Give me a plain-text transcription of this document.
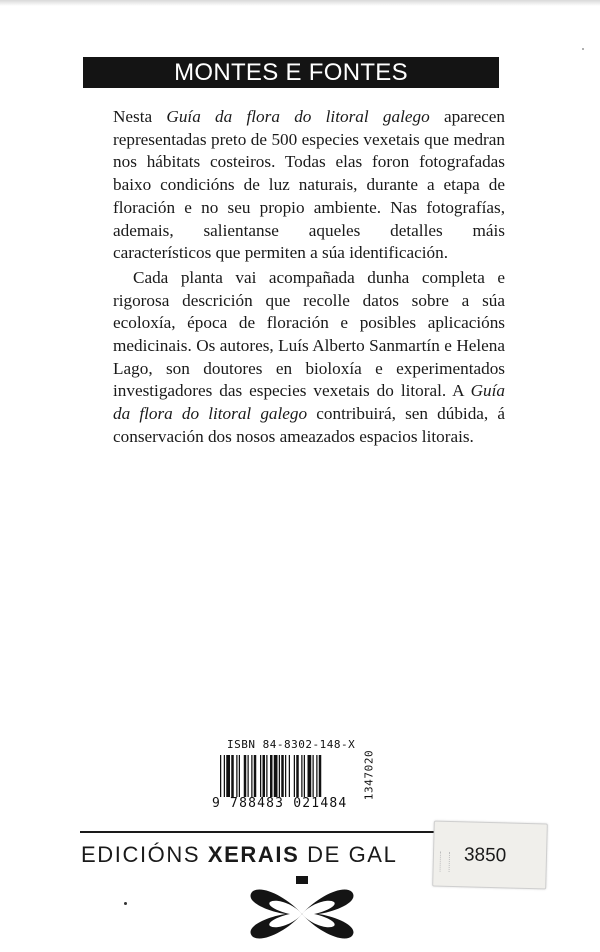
MONTES E FONTES

Nesta Guía da flora do litoral galego aparecen representadas preto de 500 especies vexetais que medran nos hábitats costeiros. Todas elas foron fotografadas baixo condicións de luz naturais, durante a etapa de floración e no seu propio ambiente. Nas fotografías, ademais, salientanse aqueles detalles máis característicos que permiten a súa identificación.

Cada planta vai acompañada dunha completa e rigorosa descrición que recolle datos sobre a súa ecoloxía, época de floración e posibles aplicacións medicinais. Os autores, Luís Alberto Sanmartín e Helena Lago, son doutores en bioloxía e experimentados investigadores das especies vexetais do litoral. A Guía da flora do litoral galego contribuirá, sen dúbida, á conservación dos nosos ameazados espacios litorais.

ISBN 84-8302-148-X
9 788483 021484
1347020
EDICIÓNS XERAIS DE GAL	3850
